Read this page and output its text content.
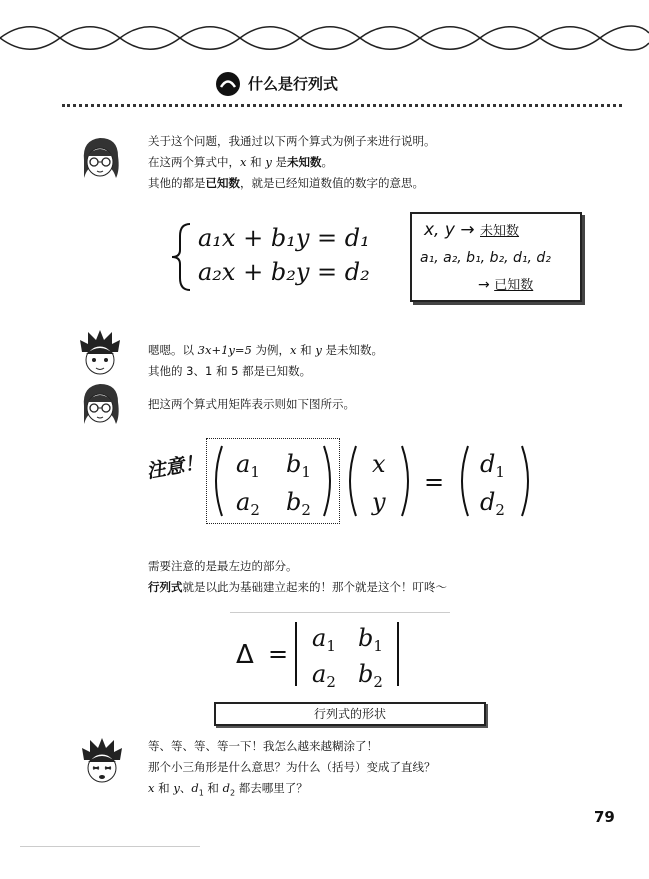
什么是行列式
关于这个问题，我通过以下两个算式为例子来进行说明。
在这两个算式中，x 和 y 是未知数。
其他的都是已知数，就是已经知道数值的数字的意思。
a₁x + b₁y = d₁
a₂x + b₂y = d₂
x, y → 未知数
a₁, a₂, b₁, b₂, d₁, d₂
→ 已知数
嗯嗯。以 3x+1y=5 为例，x 和 y 是未知数。
其他的 3、1 和 5 都是已知数。
把这两个算式用矩阵表示则如下图所示。
注意！ $a_1$ $b_1$
$a_2$ $b_2$
x
y
=
$d_1$
$d_2$
需要注意的是最左边的部分。
行列式就是以此为基础建立起来的！那个就是这个！叮咚～
Δ =
$a_1$ $b_1$
$a_2$ $b_2$
行列式的形状
等、等、等、等一下！我怎么越来越糊涂了！
那个小三角形是什么意思？为什么（括号）变成了直线？
x 和 y、$d_1$ 和 $d_2$ 都去哪里了？
79
